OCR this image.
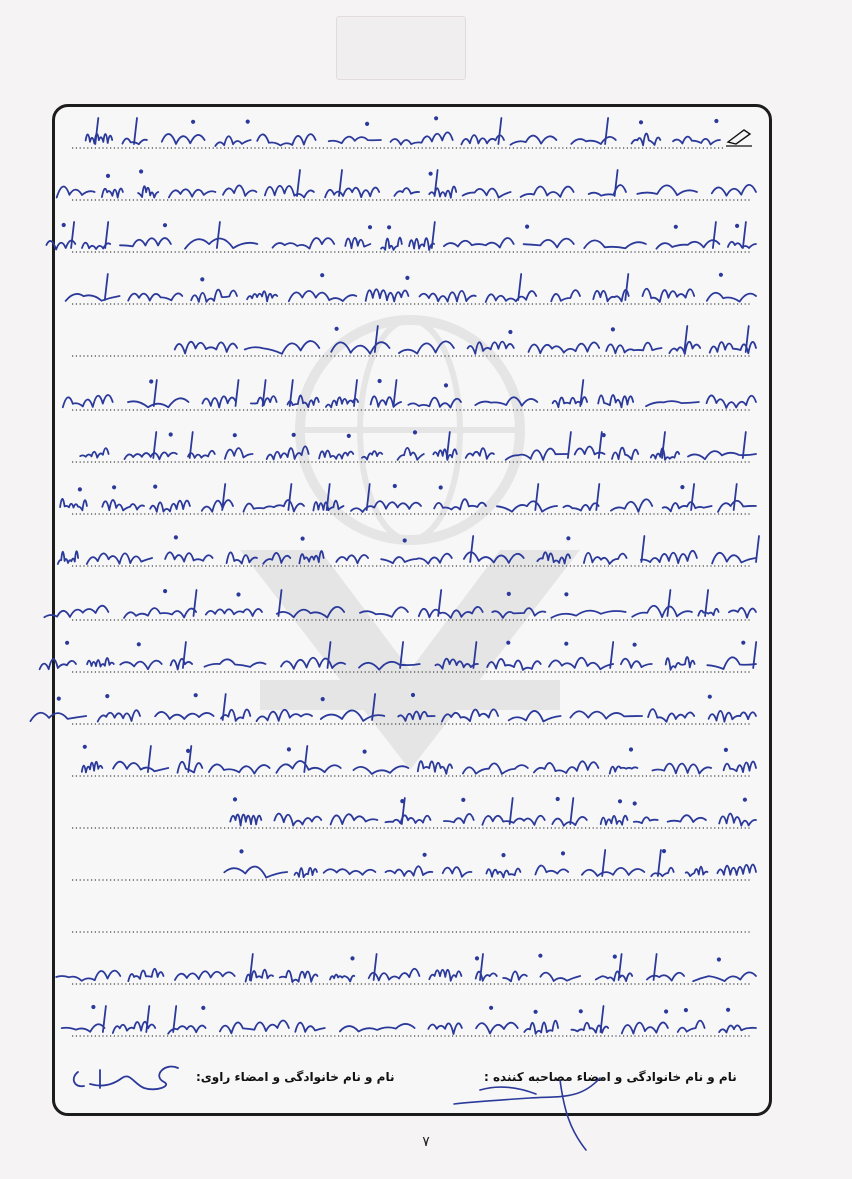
نام و نام خانوادگی و امضاء مصاحبه کننده :
نام و نام خانوادگی و امضاء راوی:
۷
